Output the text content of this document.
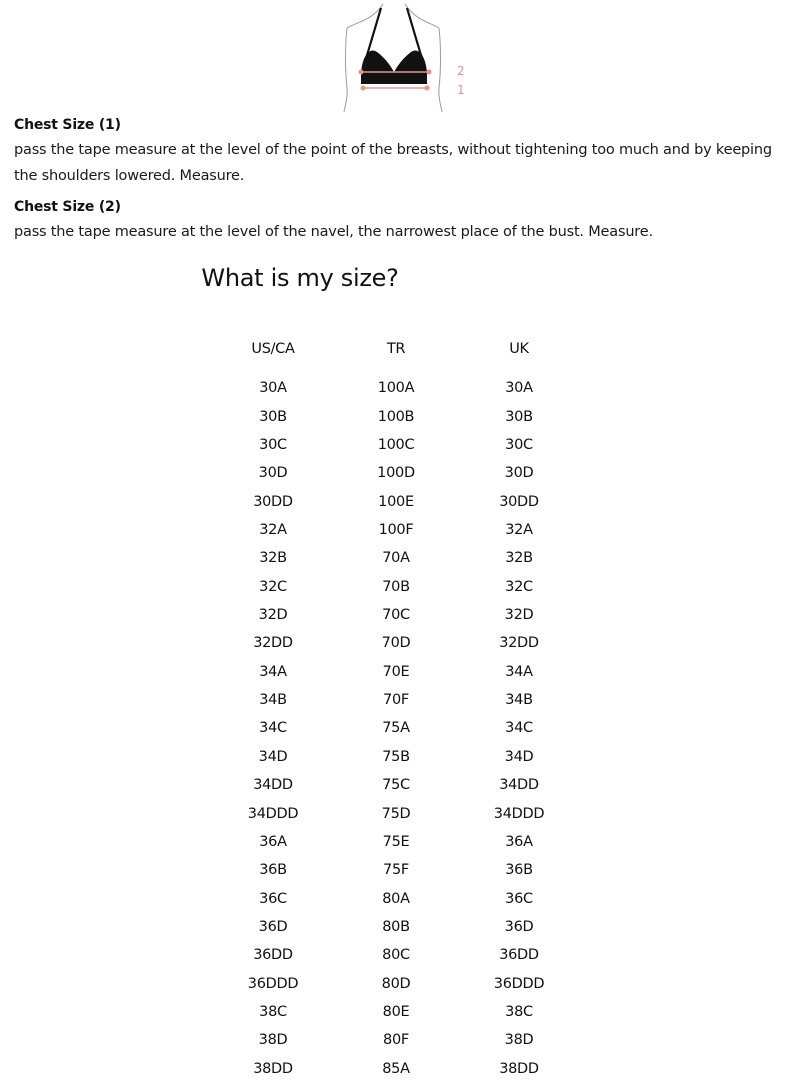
2
1
Chest Size (1)

pass the tape measure at the level of the point of the breasts, without tightening too much and by keeping the shoulders lowered. Measure.

Chest Size (2)

pass the tape measure at the level of the navel, the narrowest place of the bust. Measure.

What is my size?
US/CA	TR	UK
30A	100A	30A
30B	100B	30B
30C	100C	30C
30D	100D	30D
30DD	100E	30DD
32A	100F	32A
32B	70A	32B
32C	70B	32C
32D	70C	32D
32DD	70D	32DD
34A	70E	34A
34B	70F	34B
34C	75A	34C
34D	75B	34D
34DD	75C	34DD
34DDD	75D	34DDD
36A	75E	36A
36B	75F	36B
36C	80A	36C
36D	80B	36D
36DD	80C	36DD
36DDD	80D	36DDD
38C	80E	38C
38D	80F	38D
38DD	85A	38DD
